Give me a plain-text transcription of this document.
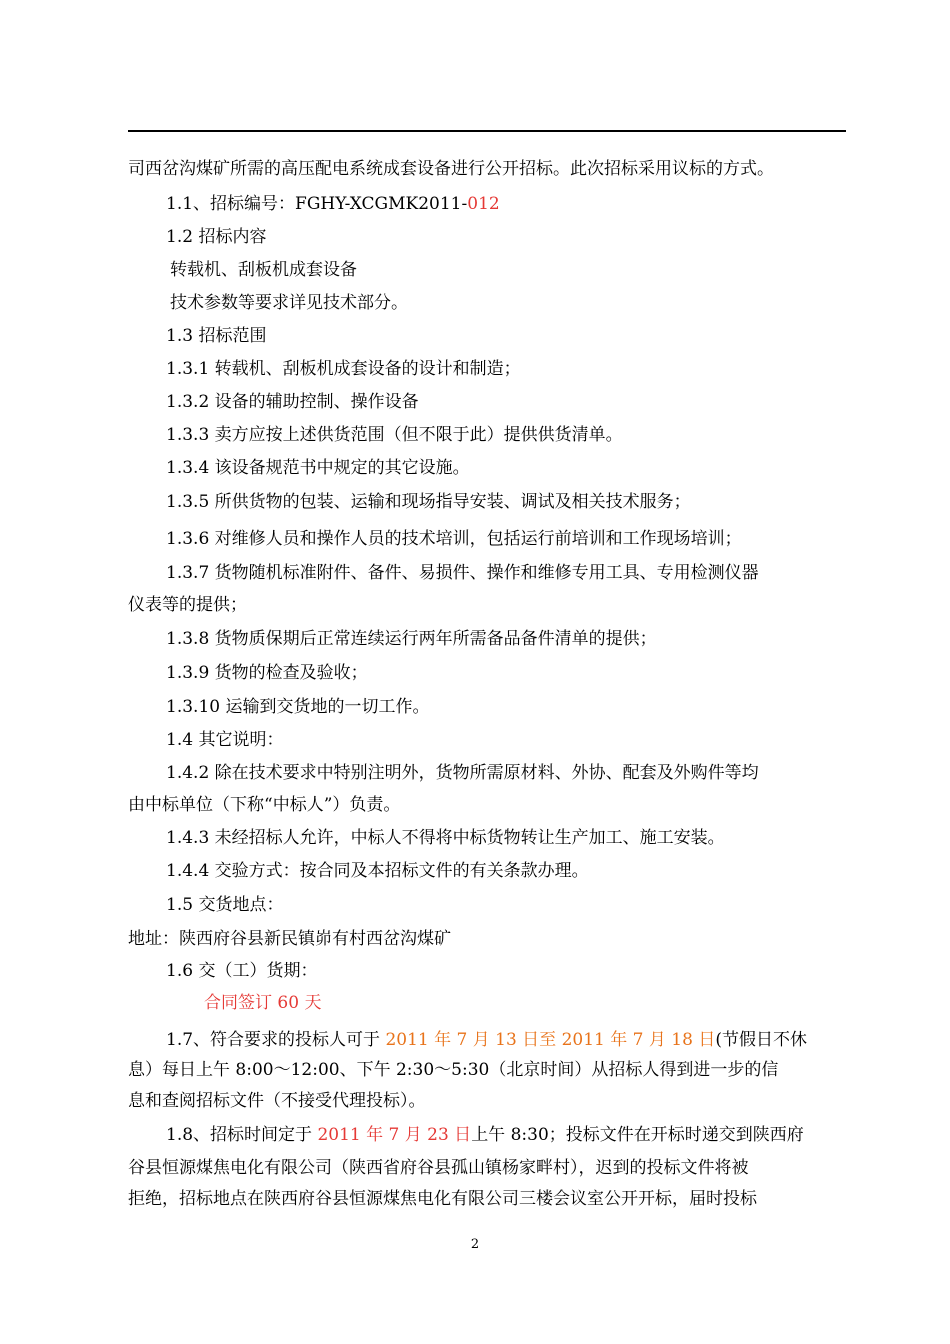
司西岔沟煤矿所需的高压配电系统成套设备进行公开招标。此次招标采用议标的方式。
1.1、招标编号：FGHY-XCGMK2011-012
1.2 招标内容
转载机、刮板机成套设备
技术参数等要求详见技术部分。
1.3 招标范围
1.3.1 转载机、刮板机成套设备的设计和制造；
1.3.2 设备的辅助控制、操作设备
1.3.3 卖方应按上述供货范围（但不限于此）提供供货清单。
1.3.4 该设备规范书中规定的其它设施。
1.3.5 所供货物的包装、运输和现场指导安装、调试及相关技术服务；
1.3.6 对维修人员和操作人员的技术培训，包括运行前培训和工作现场培训；
1.3.7 货物随机标准附件、备件、易损件、操作和维修专用工具、专用检测仪器
仪表等的提供；
1.3.8 货物质保期后正常连续运行两年所需备品备件清单的提供；
1.3.9 货物的检查及验收；
1.3.10 运输到交货地的一切工作。
1.4 其它说明：
1.4.2 除在技术要求中特别注明外，货物所需原材料、外协、配套及外购件等均
由中标单位（下称“中标人”）负责。
1.4.3 未经招标人允许，中标人不得将中标货物转让生产加工、施工安装。
1.4.4 交验方式：按合同及本招标文件的有关条款办理。
1.5 交货地点：
地址：陕西府谷县新民镇峁有村西岔沟煤矿
1.6 交（工）货期：
合同签订 60 天
1.7、符合要求的投标人可于 2011 年 7 月 13 日至 2011 年 7 月 18 日(节假日不休
息）每日上午 8:00～12:00、下午 2:30～5:30（北京时间）从招标人得到进一步的信
息和查阅招标文件（不接受代理投标）。
1.8、招标时间定于 2011 年 7 月 23 日上午 8:30；投标文件在开标时递交到陕西府
谷县恒源煤焦电化有限公司（陕西省府谷县孤山镇杨家畔村），迟到的投标文件将被
拒绝，招标地点在陕西府谷县恒源煤焦电化有限公司三楼会议室公开开标，届时投标
2
